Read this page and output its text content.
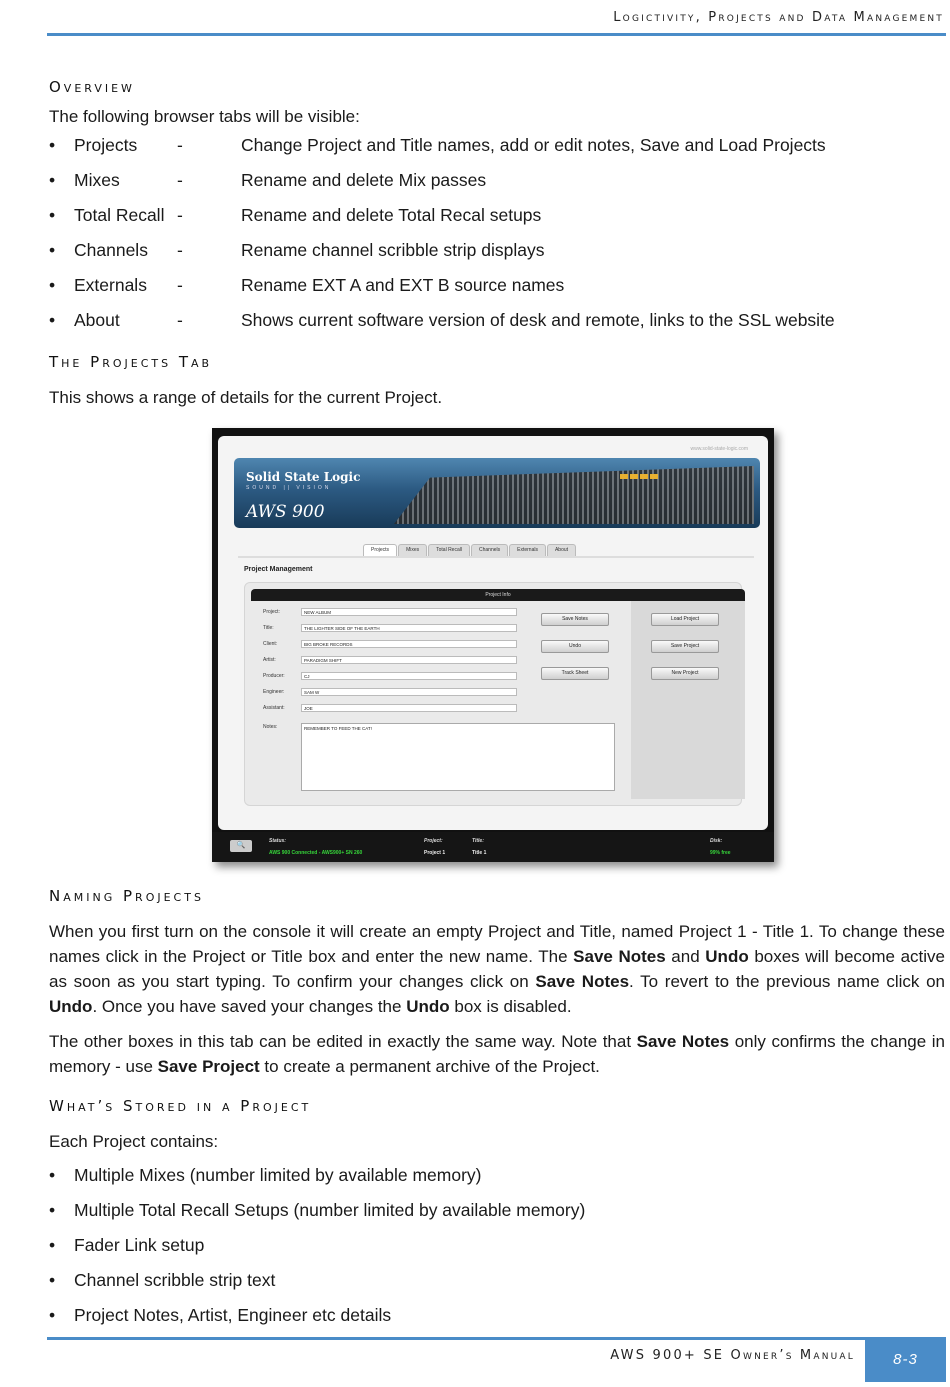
Logictivity, Projects and Data Management
Overview
The following browser tabs will be visible:
• Projects -	Change Project and Title names, add or edit notes, Save and Load Projects
• Mixes	-	Rename and delete Mix passes
• Total Recall -	Rename and delete Total Recal setups
• Channels -	Rename channel scribble strip displays
• Externals -	Rename EXT A and EXT B source names
• About	-	Shows current software version of desk and remote, links to the SSL website
The Projects Tab
This shows a range of details for the current Project.
Solid State Logic
SOUND || VISION
AWS 900
www.solid-state-logic.com
Projects	Mixes	Total Recall	Channels	Externals	About
Project Management
Project Info
Project:	NEW ALBUM
Title:	THE LIGHTER SIDE OF THE EARTH
Client:	BIG BROKE RECORDS
Artist:	PARADIGM SHIFT
Producer:	CJ
Engineer:	SAM W
Assistant:	JOE
Notes:	REMEMBER TO FEED THE CAT!
Save Notes
Undo
Track Sheet
Load Project
Save Project
New Project
🔍
Status:
AWS 900 Connected - AWS900+ SN 260
Project:
Project 1
Title:
Title 1
Disk:
99% free
Naming Projects
When you first turn on the console it will create an empty Project and Title, named Project 1 - Title 1. To change these names click in the Project or Title box and enter the new name. The Save Notes and Undo boxes will become active as soon as you start typing. To confirm your changes click on Save Notes. To revert to the previous name click on Undo. Once you have saved your changes the Undo box is disabled.
The other boxes in this tab can be edited in exactly the same way. Note that Save Notes only confirms the change in memory - use Save Project to create a permanent archive of the Project.
What’s Stored in a Project
Each Project contains:
• Multiple Mixes (number limited by available memory)
• Multiple Total Recall Setups (number limited by available memory)
• Fader Link setup
• Channel scribble strip text
• Project Notes, Artist, Engineer etc details
AWS 900+ SE Owner’s Manual	8-3
